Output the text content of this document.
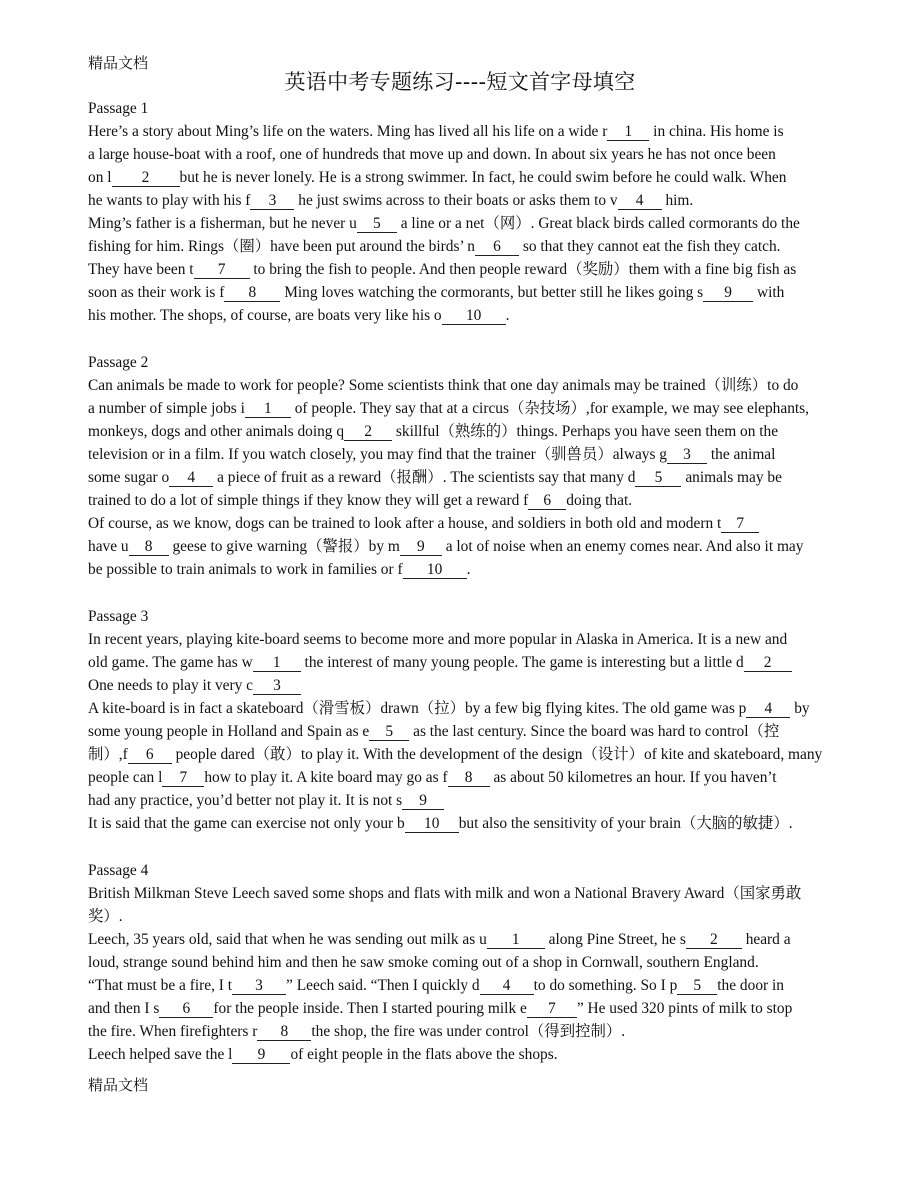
精品文档
英语中考专题练习----短文首字母填空
Passage 1
Here’s a story about Ming’s life on the waters. Ming has lived all his life on a wide r 1 in china. His home is
a large house-boat with a roof, one of hundreds that move up and down. In about six years he has not once been
on l 2 but he is never lonely. He is a strong swimmer. In fact, he could swim before he could walk. When
he wants to play with his f 3 he just swims across to their boats or asks them to v 4 him.
Ming’s father is a fisherman, but he never u 5 a line or a net（网）. Great black birds called cormorants do the
fishing for him. Rings（圈）have been put around the birds’ n 6 so that they cannot eat the fish they catch.
They have been t 7 to bring the fish to people. And then people reward（奖励）them with a fine big fish as
soon as their work is f 8 Ming loves watching the cormorants, but better still he likes going s 9 with
his mother. The shops, of course, are boats very like his o 10 .
Passage 2
Can animals be made to work for people? Some scientists think that one day animals may be trained（训练）to do
a number of simple jobs i 1 of people. They say that at a circus（杂技场）,for example, we may see elephants,
monkeys, dogs and other animals doing q 2 skillful（熟练的）things. Perhaps you have seen them on the
television or in a film. If you watch closely, you may find that the trainer（驯兽员）always g 3 the animal
some sugar o 4 a piece of fruit as a reward（报酬）. The scientists say that many d 5 animals may be
trained to do a lot of simple things if they know they will get a reward f 6 doing that.
Of course, as we know, dogs can be trained to look after a house, and soldiers in both old and modern t 7
have u 8 geese to give warning（警报）by m 9 a lot of noise when an enemy comes near. And also it may
be possible to train animals to work in families or f 10 .
Passage 3
In recent years, playing kite-board seems to become more and more popular in Alaska in America. It is a new and
old game. The game has w 1 the interest of many young people. The game is interesting but a little d 2
One needs to play it very c 3
A kite-board is in fact a skateboard（滑雪板）drawn（拉）by a few big flying kites. The old game was p 4 by
some young people in Holland and Spain as e 5 as the last century. Since the board was hard to control（控
制）,f 6 people dared（敢）to play it. With the development of the design（设计）of kite and skateboard, many
people can l 7 how to play it. A kite board may go as f 8 as about 50 kilometres an hour. If you haven’t
had any practice, you’d better not play it. It is not s 9
It is said that the game can exercise not only your b 10 but also the sensitivity of your brain（大脑的敏捷）.
Passage 4
British Milkman Steve Leech saved some shops and flats with milk and won a National Bravery Award（国家勇敢
奖）.
Leech, 35 years old, said that when he was sending out milk as u 1 along Pine Street, he s 2 heard a
loud, strange sound behind him and then he saw smoke coming out of a shop in Cornwall, southern England.
“That must be a fire, I t 3 ” Leech said. “Then I quickly d 4 to do something. So I p 5 the door in
and then I s 6 for the people inside. Then I started pouring milk e 7 ” He used 320 pints of milk to stop
the fire. When firefighters r 8 the shop, the fire was under control（得到控制）.
Leech helped save the l 9 of eight people in the flats above the shops.
精品文档
